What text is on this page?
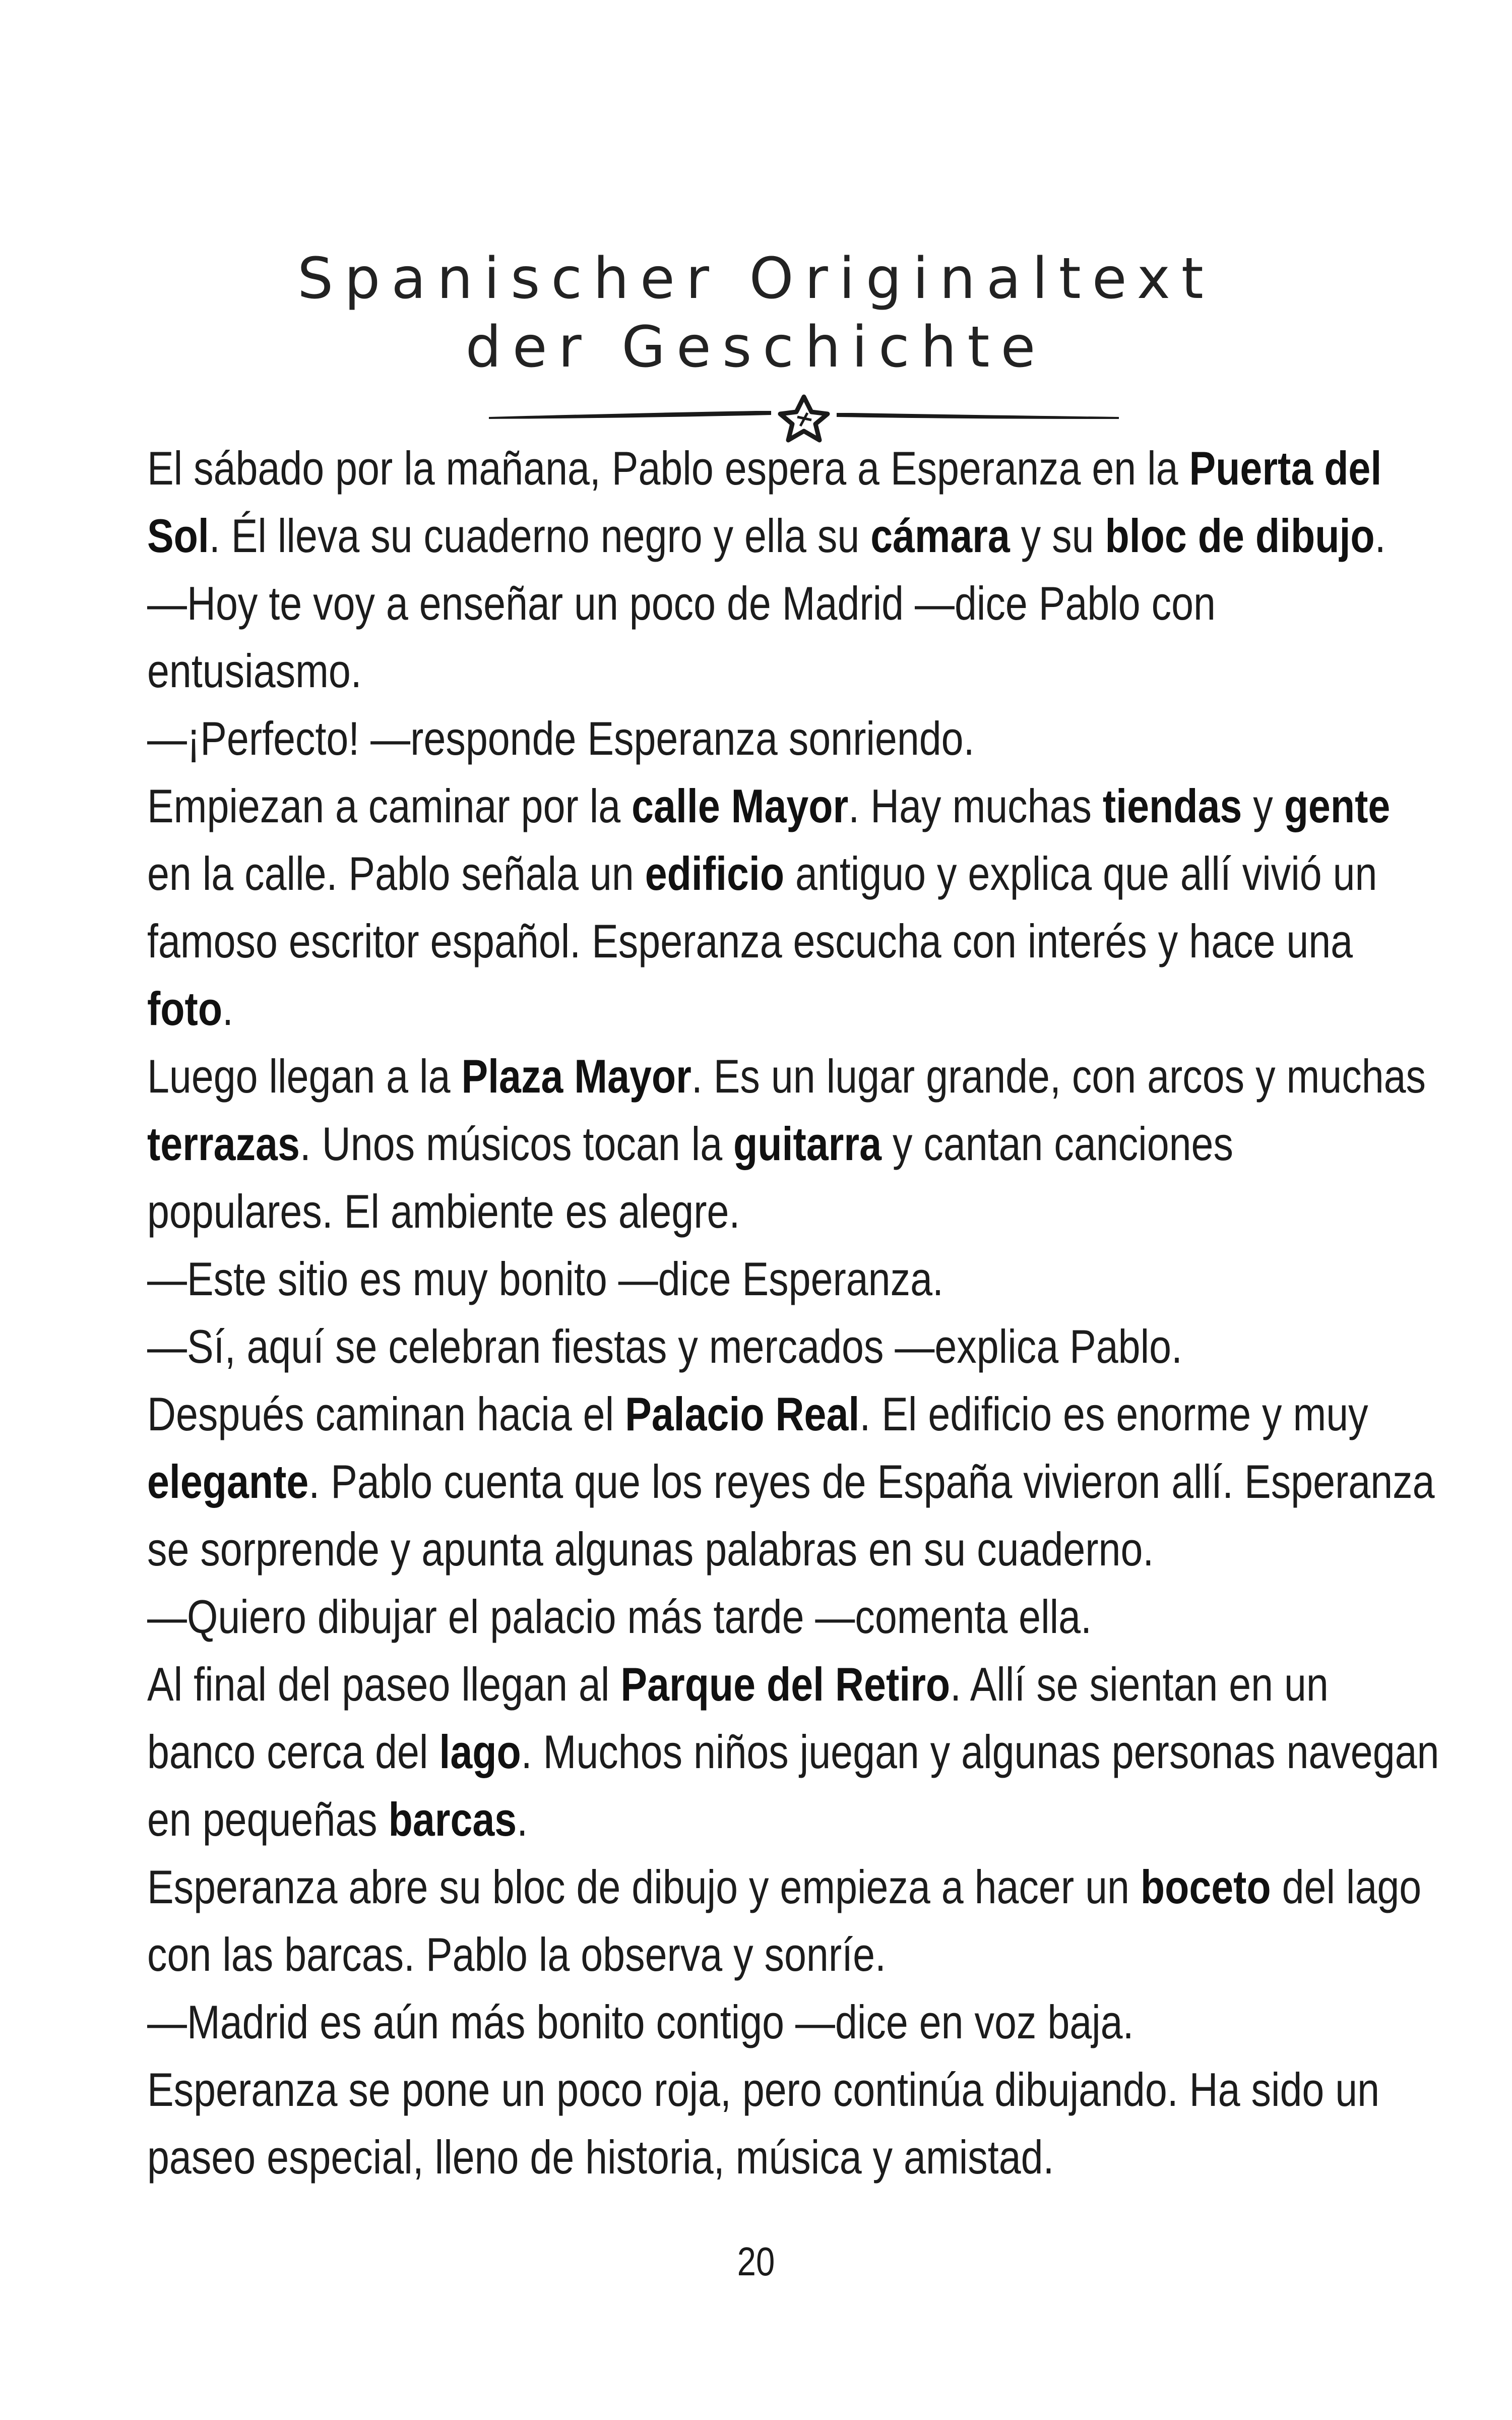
Spanischer Originaltext
der Geschichte

El sábado por la mañana, Pablo espera a Esperanza en la Puerta del

Sol. Él lleva su cuaderno negro y ella su cámara y su bloc de dibujo.

—Hoy te voy a enseñar un poco de Madrid —dice Pablo con

entusiasmo.

—¡Perfecto! —responde Esperanza sonriendo.

Empiezan a caminar por la calle Mayor. Hay muchas tiendas y gente

en la calle. Pablo señala un edificio antiguo y explica que allí vivió un

famoso escritor español. Esperanza escucha con interés y hace una

foto.

Luego llegan a la Plaza Mayor. Es un lugar grande, con arcos y muchas

terrazas. Unos músicos tocan la guitarra y cantan canciones

populares. El ambiente es alegre.

—Este sitio es muy bonito —dice Esperanza.

—Sí, aquí se celebran fiestas y mercados —explica Pablo.

Después caminan hacia el Palacio Real. El edificio es enorme y muy

elegante. Pablo cuenta que los reyes de España vivieron allí. Esperanza

se sorprende y apunta algunas palabras en su cuaderno.

—Quiero dibujar el palacio más tarde —comenta ella.

Al final del paseo llegan al Parque del Retiro. Allí se sientan en un

banco cerca del lago. Muchos niños juegan y algunas personas navegan

en pequeñas barcas.

Esperanza abre su bloc de dibujo y empieza a hacer un boceto del lago

con las barcas. Pablo la observa y sonríe.

—Madrid es aún más bonito contigo —dice en voz baja.

Esperanza se pone un poco roja, pero continúa dibujando. Ha sido un

paseo especial, lleno de historia, música y amistad.

20
